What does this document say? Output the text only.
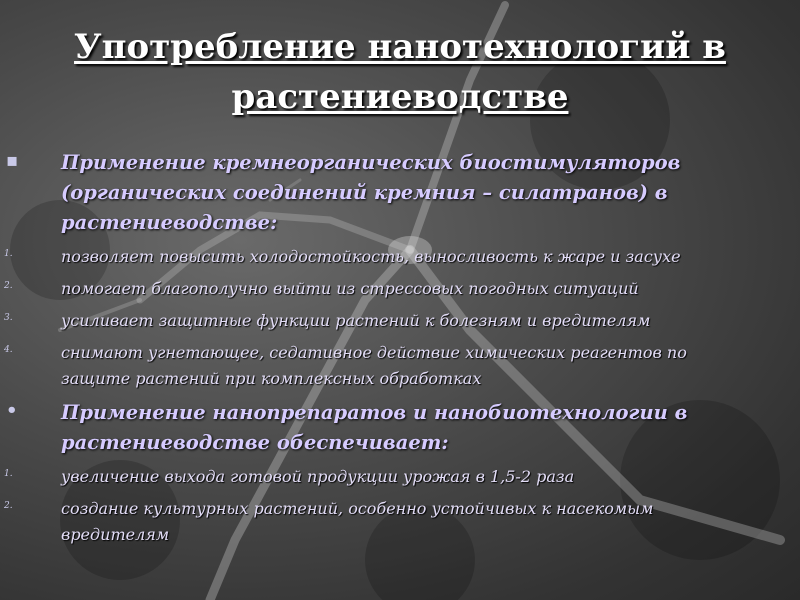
Употребление нанотехнологий в растениеводстве
▪ Применение кремнеорганических биостимуляторов (органических соединений кремния – силатранов) в растениеводстве:
1.	позволяет повысить холодостойкость, выносливость к жаре и засухе
2.	помогает благополучно выйти из стрессовых погодных ситуаций
3.	усиливает защитные функции растений к болезням и вредителям
4.	снимают угнетающее, седативное действие химических реагентов по защите растений при комплексных обработках
• Применение нанопрепаратов и нанобиотехнологии в растениеводстве обеспечивает:
1.	увеличение выхода готовой продукции урожая в 1,5-2 раза
2.	создание культурных растений, особенно устойчивых к насекомым вредителям
